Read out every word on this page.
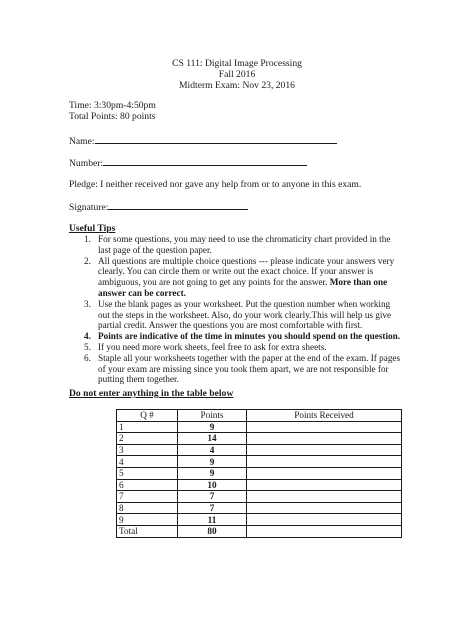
CS 111: Digital Image Processing
Fall 2016
Midterm Exam: Nov 23, 2016
Time: 3:30pm-4:50pm
Total Points: 80 points
Name:
Number:
Pledge: I neither received nor gave any help from or to anyone in this exam.
Signature:
Useful Tips
1. For some questions, you may need to use the chromaticity chart provided in the last page of the question paper.
2. All questions are multiple choice questions --- please indicate your answers very clearly. You can circle them or write out the exact choice. If your answer is ambiguous, you are not going to get any points for the answer. More than one answer can be correct.
3. Use the blank pages as your worksheet. Put the question number when working out the steps in the worksheet. Also, do your work clearly.This will help us give partial credit. Answer the questions you are most comfortable with first.
4. Points are indicative of the time in minutes you should spend on the question.
5. If you need more work sheets, feel free to ask for extra sheets.
6. Staple all your worksheets together with the paper at the end of the exam. If pages of your exam are missing since you took them apart, we are not responsible for putting them together.
Do not enter anything in the table below
Q #	Points	Points Received
1	9	
2	14	
3	4	
4	9	
5	9	
6	10	
7	7	
8	7	
9	11	
Total	80	
